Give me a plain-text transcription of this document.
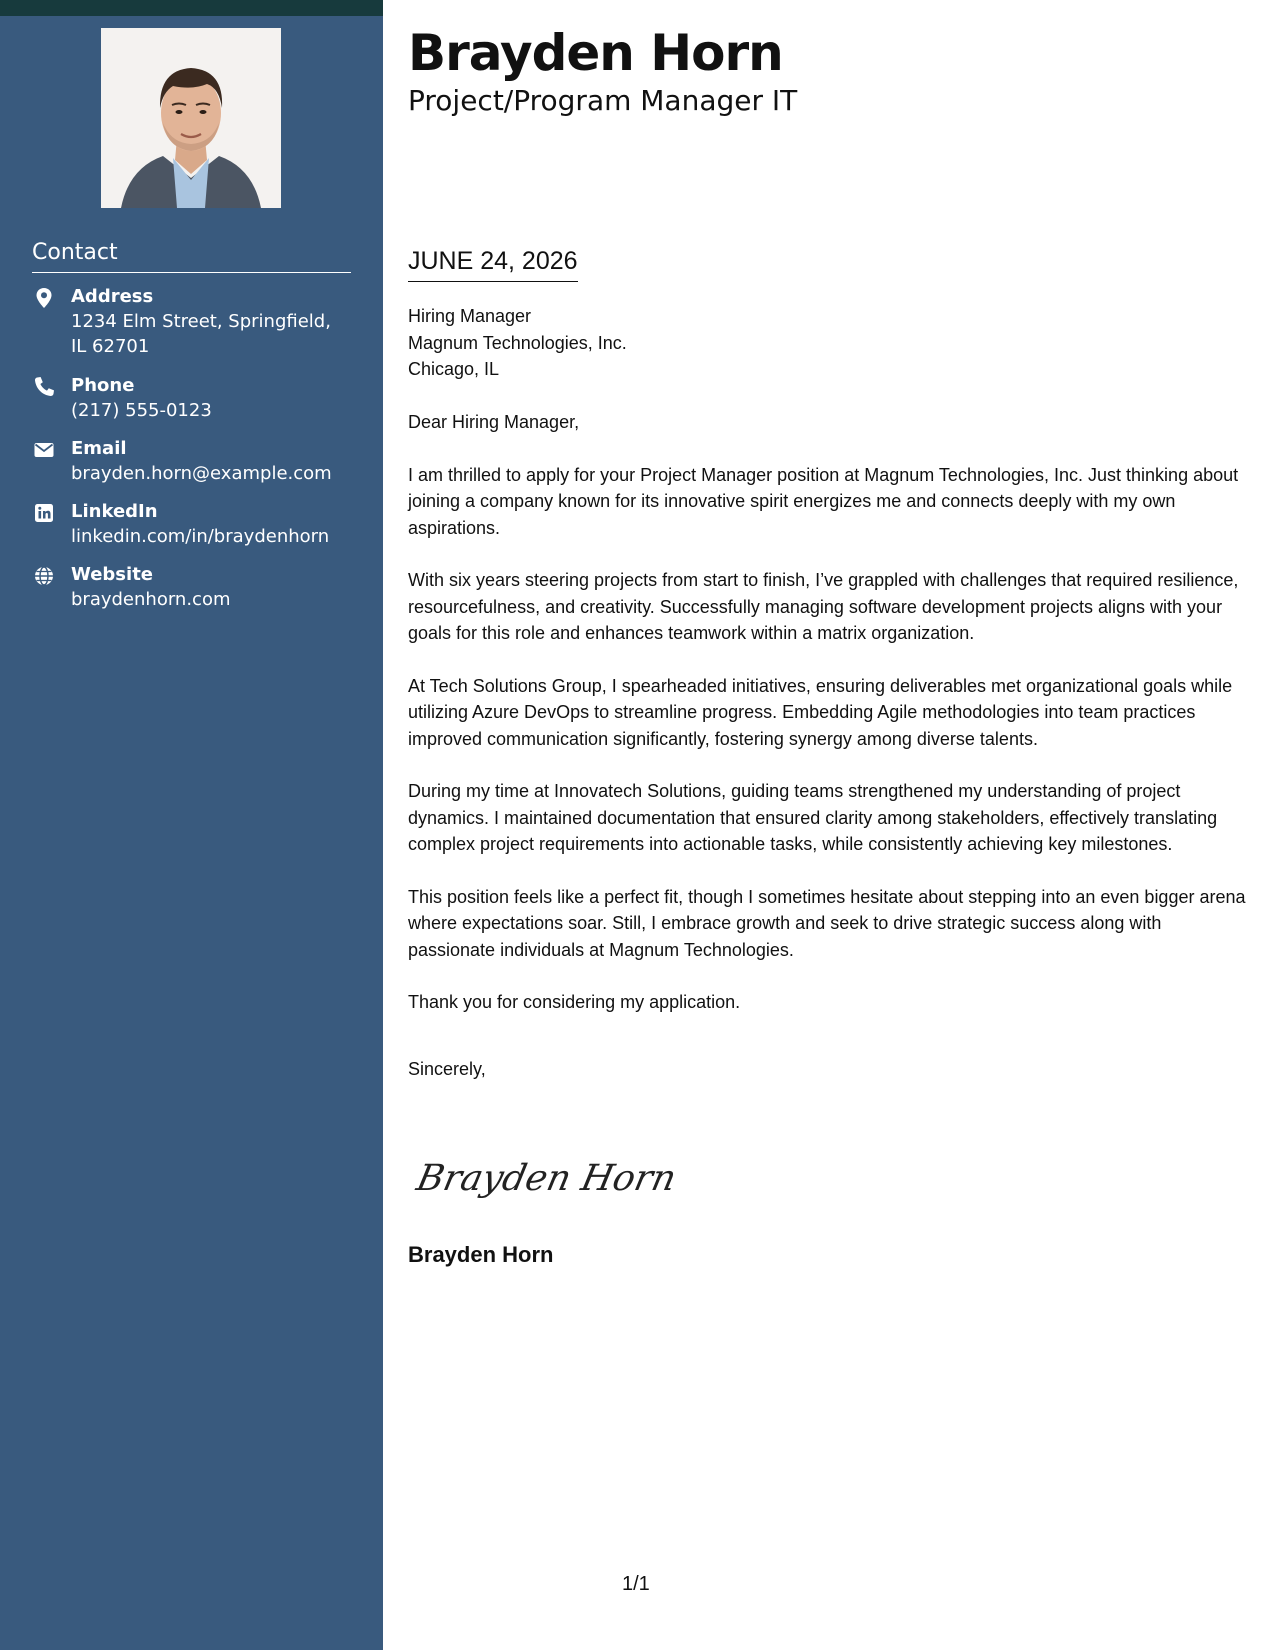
Contact
Address
1234 Elm Street, Springfield, IL 62701
Phone
(217) 555-0123
Email
brayden.horn@example.com
LinkedIn
linkedin.com/in/braydenhorn
Website
braydenhorn.com
Brayden Horn
Project/Program Manager IT
JUNE 24, 2026
Hiring Manager
Magnum Technologies, Inc.
Chicago, IL

Dear Hiring Manager,

I am thrilled to apply for your Project Manager position at Magnum Technologies, Inc. Just thinking about joining a company known for its innovative spirit energizes me and connects deeply with my own aspirations.

With six years steering projects from start to finish, I’ve grappled with challenges that required resilience, resourcefulness, and creativity. Successfully managing software development projects aligns with your goals for this role and enhances teamwork within a matrix organization.

At Tech Solutions Group, I spearheaded initiatives, ensuring deliverables met organizational goals while utilizing Azure DevOps to streamline progress. Embedding Agile methodologies into team practices improved communication significantly, fostering synergy among diverse talents.

During my time at Innovatech Solutions, guiding teams strengthened my understanding of project dynamics. I maintained documentation that ensured clarity among stakeholders, effectively translating complex project requirements into actionable tasks, while consistently achieving key milestones.

This position feels like a perfect fit, though I sometimes hesitate about stepping into an even bigger arena where expectations soar. Still, I embrace growth and seek to drive strategic success along with passionate individuals at Magnum Technologies.

Thank you for considering my application.

Sincerely,

Brayden Horn
Brayden Horn
1/1
